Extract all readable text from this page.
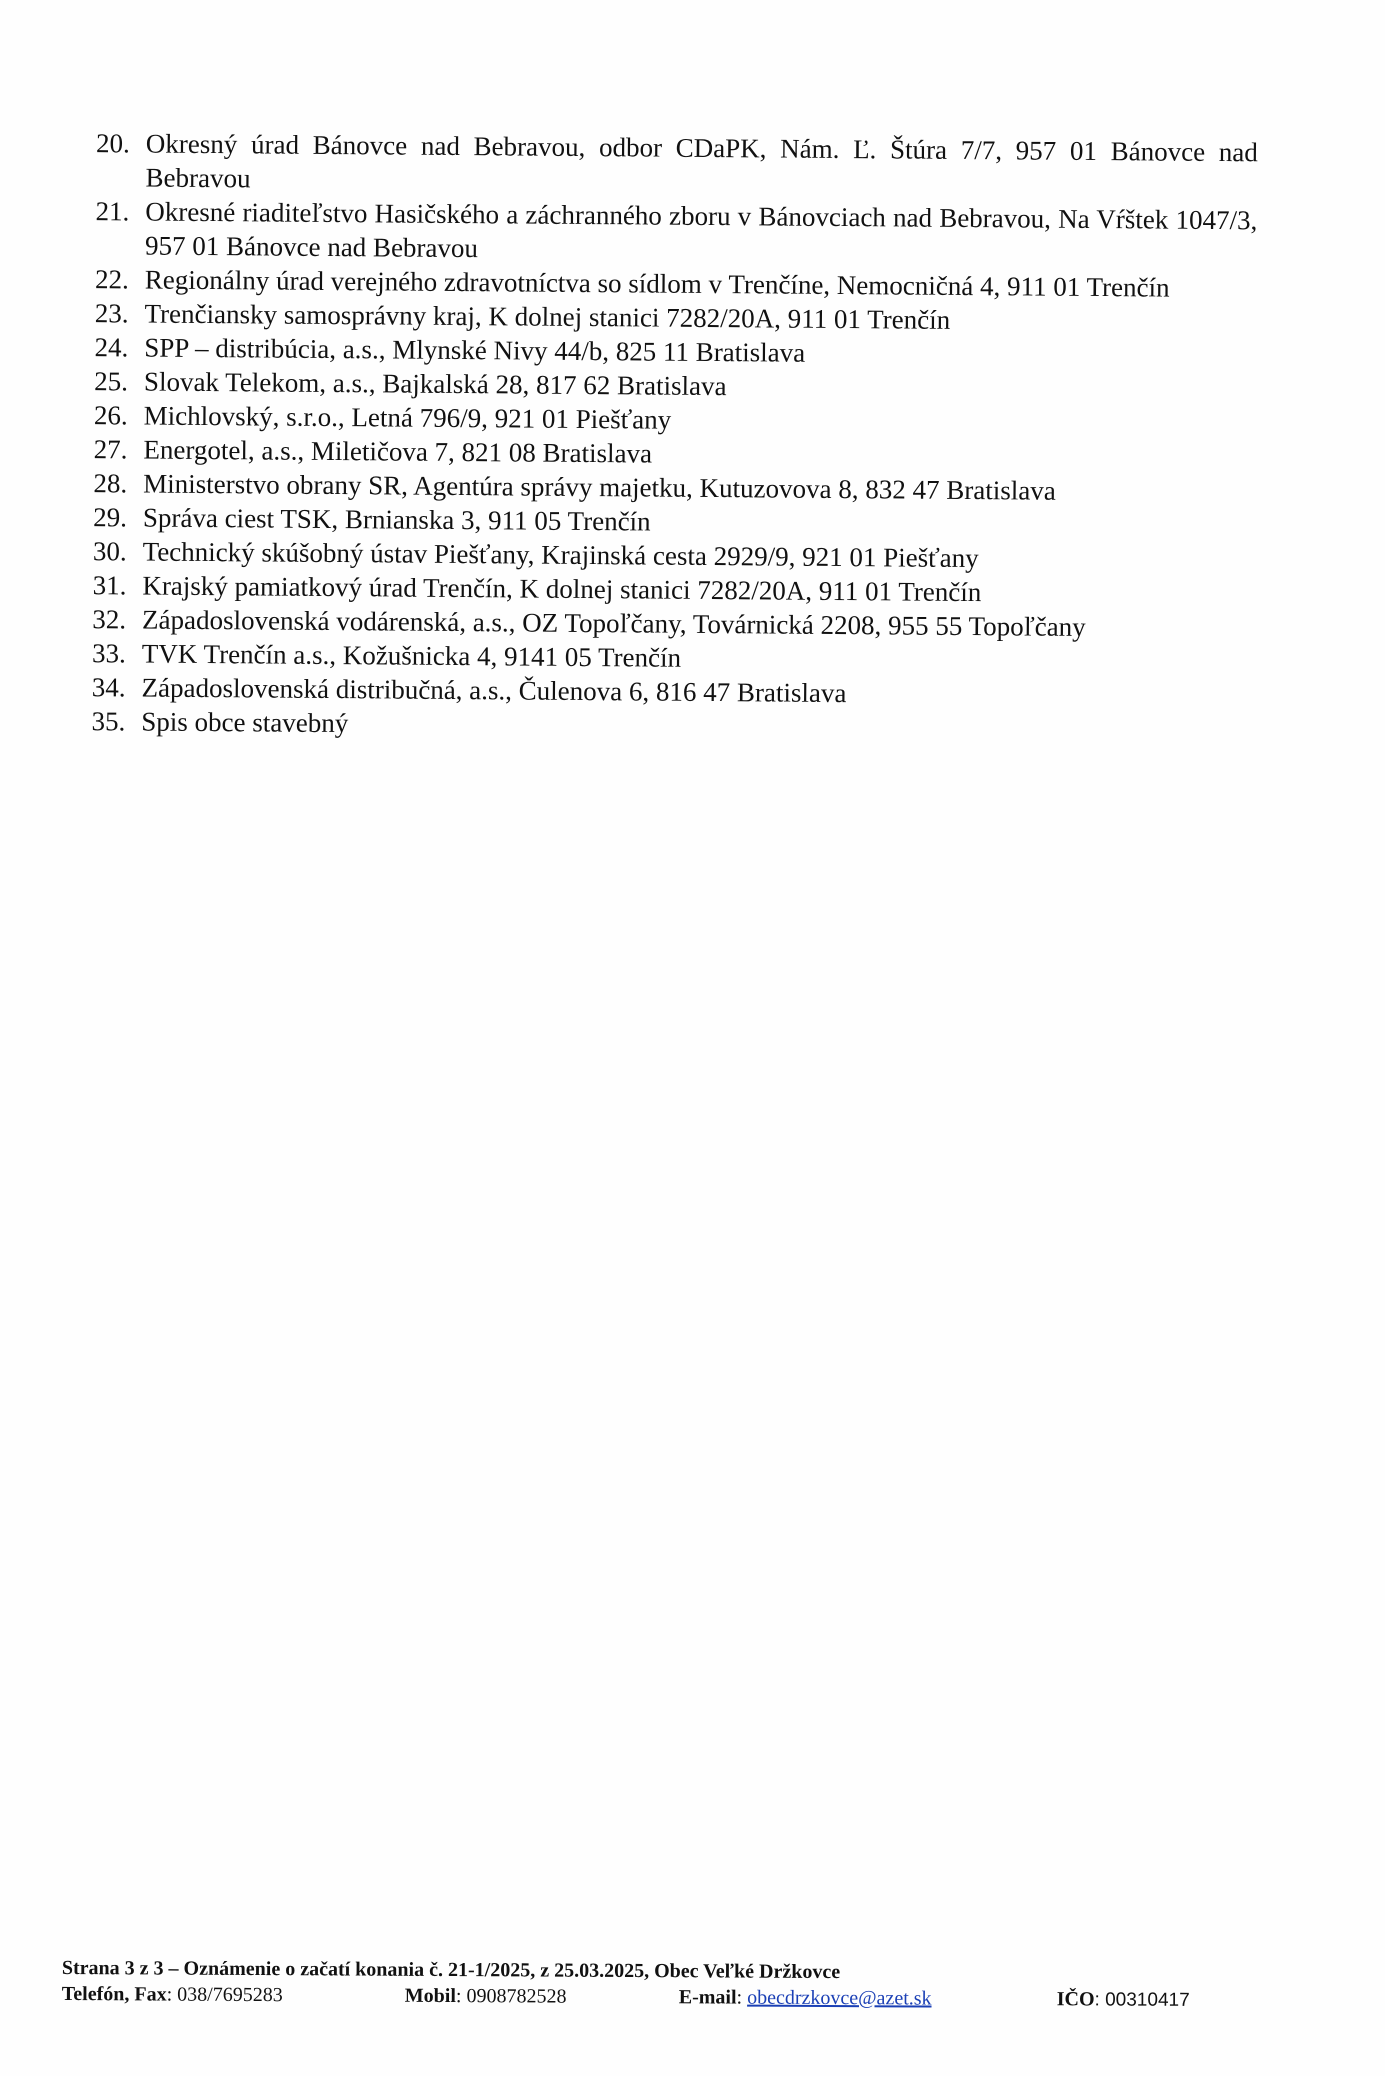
20. Okresný úrad Bánovce nad Bebravou, odbor CDaPK, Nám. Ľ. Štúra 7/7, 957 01 Bánovce nad Bebravou
21. Okresné riaditeľstvo Hasičského a záchranného zboru v Bánovciach nad Bebravou, Na Vŕštek 1047/3, 957 01 Bánovce nad Bebravou
22. Regionálny úrad verejného zdravotníctva so sídlom v Trenčíne, Nemocničná 4, 911 01 Trenčín
23. Trenčiansky samosprávny kraj, K dolnej stanici 7282/20A, 911 01 Trenčín
24. SPP – distribúcia, a.s., Mlynské Nivy 44/b, 825 11 Bratislava
25. Slovak Telekom, a.s., Bajkalská 28, 817 62 Bratislava
26. Michlovský, s.r.o., Letná 796/9, 921 01 Piešťany
27. Energotel, a.s., Miletičova 7, 821 08 Bratislava
28. Ministerstvo obrany SR, Agentúra správy majetku, Kutuzovova 8, 832 47 Bratislava
29. Správa ciest TSK, Brnianska 3, 911 05 Trenčín
30. Technický skúšobný ústav Piešťany, Krajinská cesta 2929/9, 921 01 Piešťany
31. Krajský pamiatkový úrad Trenčín, K dolnej stanici 7282/20A, 911 01 Trenčín
32. Západoslovenská vodárenská, a.s., OZ Topoľčany, Továrnická 2208, 955 55 Topoľčany
33. TVK Trenčín a.s., Kožušnicka 4, 9141 05 Trenčín
34. Západoslovenská distribučná, a.s., Čulenova 6, 816 47 Bratislava
35. Spis obce stavebný
Strana 3 z 3 – Oznámenie o začatí konania č. 21-1/2025, z 25.03.2025, Obec Veľké Držkovce
Telefón, Fax: 038/7695283	Mobil: 0908782528	E-mail: obecdrzkovce@azet.sk	IČO: 00310417
